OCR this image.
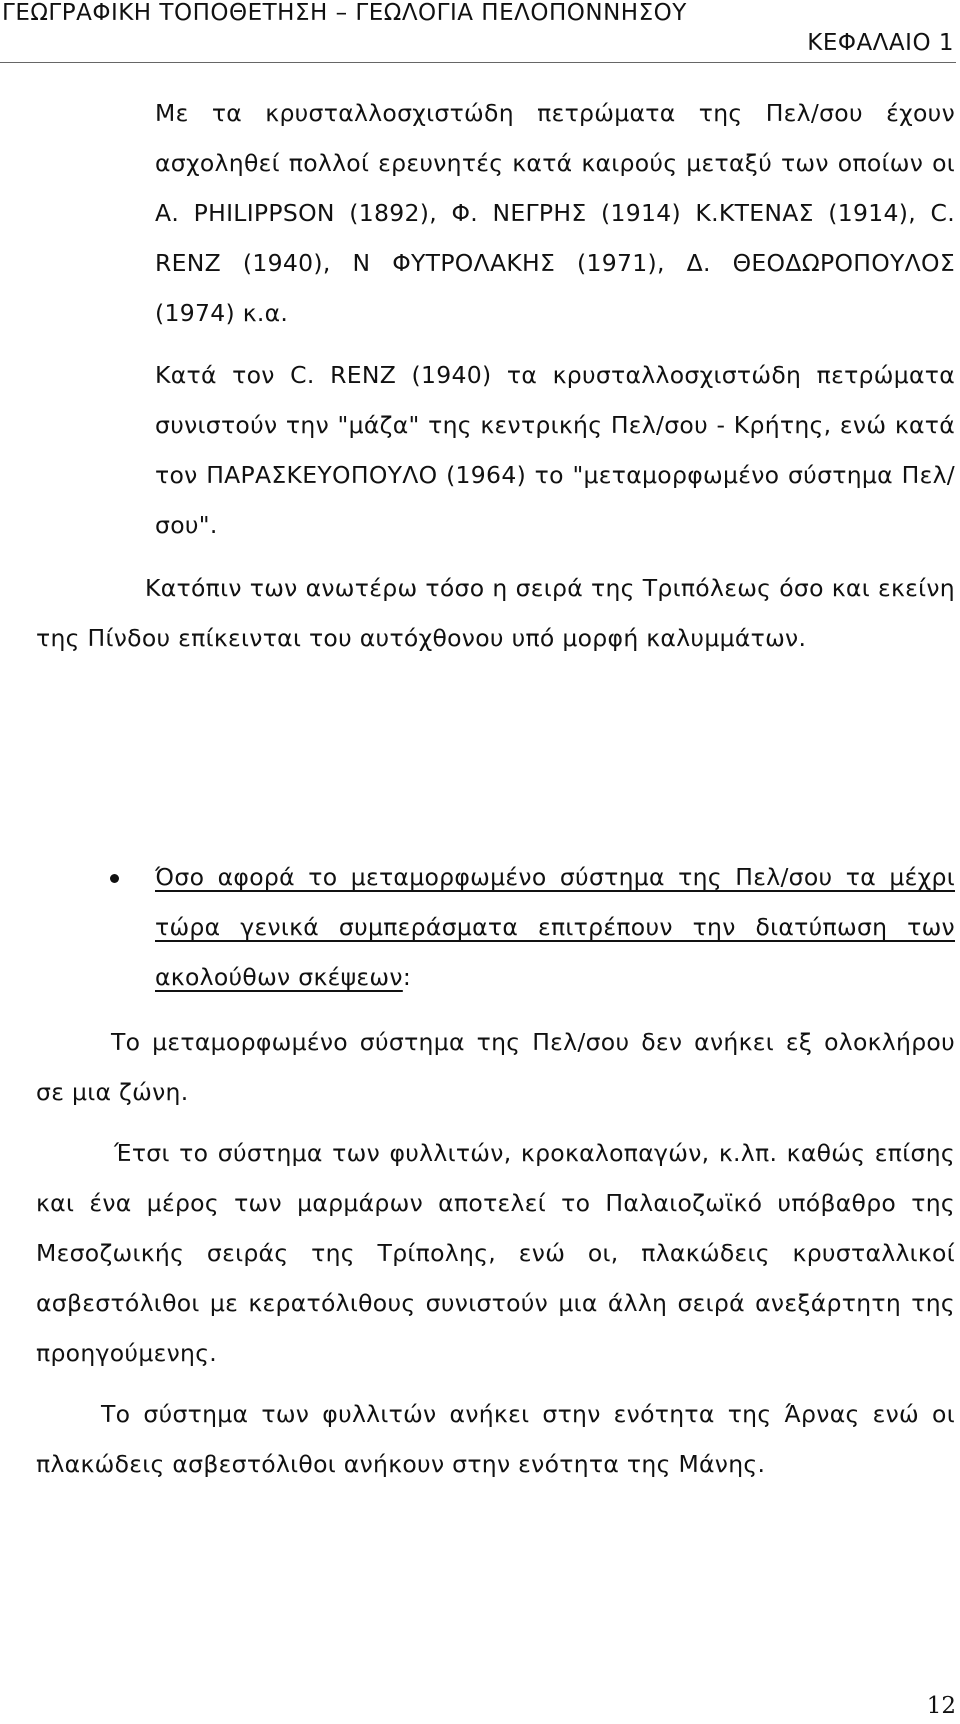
ΓΕΩΓΡΑΦΙΚΗ ΤΟΠΟΘΕΤΗΣΗ – ΓΕΩΛΟΓΙΑ ΠΕΛΟΠΟΝΝΗΣΟΥ
ΚΕΦΑΛΑΙΟ 1

Με τα κρυσταλλοσχιστώδη πετρώματα της Πελ/σου έχουν ασχοληθεί πολλοί ερευνητές κατά καιρούς μεταξύ των οποίων οι Α. PHILIPPSON (1892), Φ. ΝΕΓΡΗΣ (1914) Κ.ΚΤΕΝΑΣ (1914), C. RENZ (1940), Ν ΦΥΤΡΟΛΑΚΗΣ (1971), Δ. ΘΕΟΔΩΡΟΠΟΥΛΟΣ (1974) κ.α.

Κατά τον C. RENZ (1940) τα κρυσταλλοσχιστώδη πετρώματα συνιστούν την "μάζα" της κεντρικής Πελ/σου - Κρήτης, ενώ κατά τον ΠΑΡΑΣΚΕΥΟΠΟΥΛΟ (1964) το "μεταμορφωμένο σύστημα Πελ/σου".

Κατόπιν των ανωτέρω τόσο η σειρά της Τριπόλεως όσο και εκείνη της Πίνδου επίκεινται του αυτόχθονου υπό μορφή καλυμμάτων.

Όσο αφορά το μεταμορφωμένο σύστημα της Πελ/σου τα μέχρι τώρα γενικά συμπεράσματα επιτρέπουν την διατύπωση των ακολούθων σκέψεων:

Το μεταμορφωμένο σύστημα της Πελ/σου δεν ανήκει εξ ολοκλήρου σε μια ζώνη.

Έτσι το σύστημα των φυλλιτών, κροκαλοπαγών, κ.λπ. καθώς επίσης και ένα μέρος των μαρμάρων αποτελεί το Παλαιοζωϊκό υπόβαθρο της Μεσοζωικής σειράς της Τρίπολης, ενώ οι, πλακώδεις κρυσταλλικοί ασβεστόλιθοι με κερατόλιθους συνιστούν μια άλλη σειρά ανεξάρτητη της προηγούμενης.

Το σύστημα των φυλλιτών ανήκει στην ενότητα της Άρνας ενώ οι πλακώδεις ασβεστόλιθοι ανήκουν στην ενότητα της Μάνης.

12
